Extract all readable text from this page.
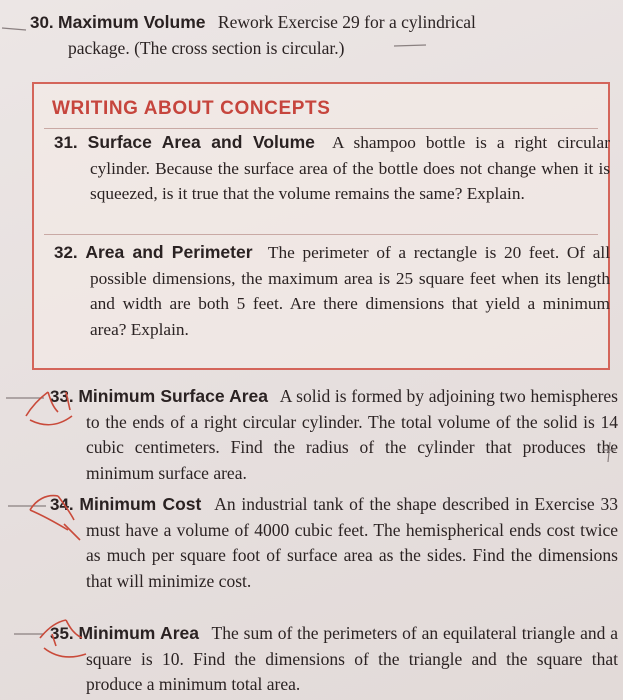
30. Maximum Volume Rework Exercise 29 for a cylindrical
package. (The cross section is circular.)
WRITING ABOUT CONCEPTS
31. Surface Area and Volume A shampoo bottle is a right circular cylinder. Because the surface area of the bottle does not change when it is squeezed, is it true that the volume remains the same? Explain.
32. Area and Perimeter The perimeter of a rectangle is 20 feet. Of all possible dimensions, the maximum area is 25 square feet when its length and width are both 5 feet. Are there dimensions that yield a minimum area? Explain.
33. Minimum Surface Area A solid is formed by adjoining two hemispheres to the ends of a right circular cylinder. The total volume of the solid is 14 cubic centimeters. Find the radius of the cylinder that produces the minimum surface area.
34. Minimum Cost An industrial tank of the shape described in Exercise 33 must have a volume of 4000 cubic feet. The hemispherical ends cost twice as much per square foot of surface area as the sides. Find the dimensions that will minimize cost.
35. Minimum Area The sum of the perimeters of an equilateral triangle and a square is 10. Find the dimensions of the triangle and the square that produce a minimum total area.
